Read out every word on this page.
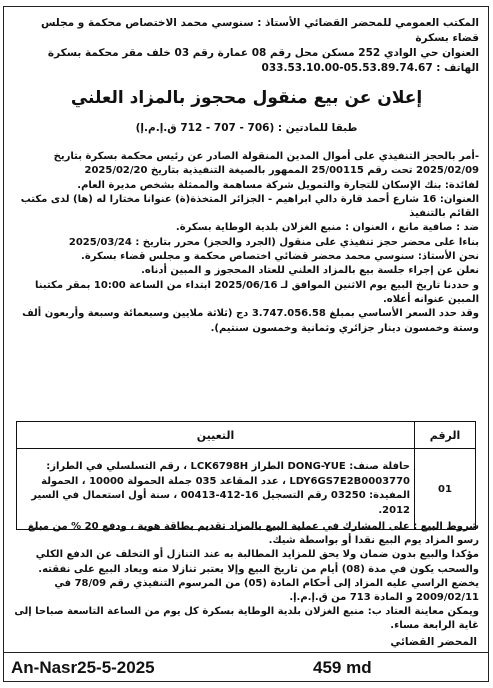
المكتب العمومي للمحضر القضائي الأستاذ : سنوسي محمد الاختصاص محكمة و مجلس
قضاء بسكرة
العنوان حي الوادي 252 مسكن محل رقم 08 عمارة رقم 03 خلف مقر محكمة بسكرة
الهاتف : 033.53.10.00-05.53.89.74.67
إعلان عن بيع منقول محجوز بالمزاد العلني
طبقا للمادتين : (706 - 707 - 712 ق.إ.م.إ)

-أمر بالحجز التنفيذي على أموال المدين المنقولة الصادر عن رئيس محكمة بسكرة بتاريخ 2025/02/09 تحت رقم 25/00115 الممهور بالصيغة التنفيذية بتاريخ 2025/02/20

لفائدة: بنك الإسكان للتجارة والتمويل شركة مساهمة والممثلة بشخص مديرة العام.

العنوان: 16 شارع أحمد قارة دالي ابراهيم - الجزائر المتخذة(ة) عنوانا مختارا له (ها) لدى مكتب القائم بالتنفيذ

ضد : صافية مانع ، العنوان : منبع الغزلان بلدية الوطاية بسكرة.

بناءا على محضر حجز تنفيذي على منقول (الجرد والحجز) محرر بتاريخ : 2025/03/24

نحن الأستاذ: سنوسي محمد محضر قضائي اختصاص محكمة و مجلس قضاء بسكرة.

نعلن عن إجراء جلسة بيع بالمزاد العلني للعتاد المحجوز و المبين أدناه.

و حددنا تاريخ البيع يوم الاثنين الموافق لـ 2025/06/16 ابتداء من الساعة 10:00 بمقر مكتبنا المبين عنوانه أعلاه.

وقد حدد السعر الأساسي بمبلغ 3.747.056.58 دج (ثلاثة ملايين وسبعمائة وسبعة وأربعون ألف وستة وخمسون دينار جزائري وثمانية وخمسون سنتيم).

الرقم	التعيين
01	حافلة صنف: DONG-YUE الطراز LCK6798H ، رقم التسلسلي في الطراز: LDY6GS7E2B0003770 ، عدد المقاعد 035 جملة الحمولة 10000 ، الحمولة المفيدة: 03250 رقم التسجيل 16-412-00413 ، سنة أول استعمال في السير 2012.

شروط البيع : على المشارك في عملية البيع بالمزاد تقديم بطاقة هوية ، ودفع 20 % من مبلغ رسو المزاد يوم البيع نقدا أو بواسطة شيك.

مؤكدا والبيع بدون ضمان ولا يحق للمزايد المطالبة به عند التنازل أو التخلف عن الدفع الكلي والسحب يكون في مدة (08) أيام من تاريخ البيع وإلا يعتبر تنازلا منه ويعاد البيع على نفقته.

يخضع الراسي عليه المزاد إلى أحكام المادة (05) من المرسوم التنفيذي رقم 78/09 في 2009/02/11 و المادة 713 من ق.إ.م.إ.

ويمكن معاينة العتاد ب: منبع الغزلان بلدية الوطاية بسكرة كل يوم من الساعة التاسعة صباحا إلى غاية الرابعة مساء.

المحضر القضائي
An-Nasr25-5-2025	459 md
